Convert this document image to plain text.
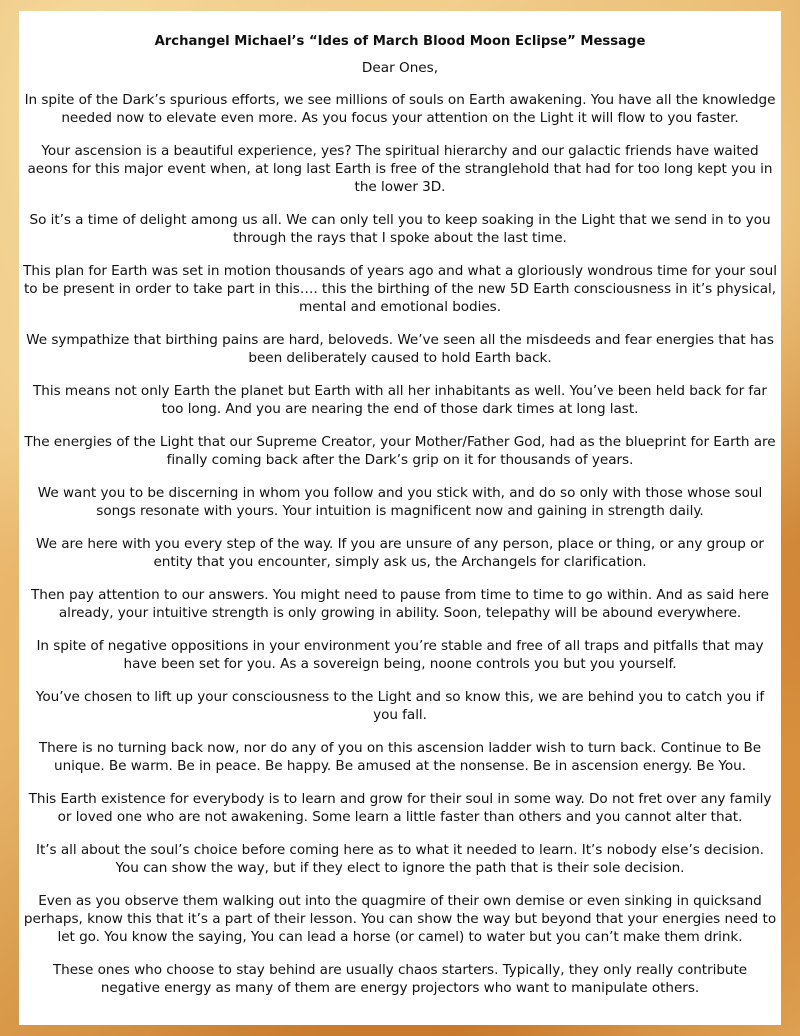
Archangel Michael’s “Ides of March Blood Moon Eclipse” Message
Dear Ones,

In spite of the Dark’s spurious efforts, we see millions of souls on Earth awakening. You have all the knowledge needed now to elevate even more. As you focus your attention on the Light it will flow to you faster.

Your ascension is a beautiful experience, yes? The spiritual hierarchy and our galactic friends have waited aeons for this major event when, at long last Earth is free of the stranglehold that had for too long kept you in the lower 3D.

So it’s a time of delight among us all. We can only tell you to keep soaking in the Light that we send in to you through the rays that I spoke about the last time.

This plan for Earth was set in motion thousands of years ago and what a gloriously wondrous time for your soul to be present in order to take part in this…. this the birthing of the new 5D Earth consciousness in it’s physical, mental and emotional bodies.

We sympathize that birthing pains are hard, beloveds. We’ve seen all the misdeeds and fear energies that has been deliberately caused to hold Earth back.

This means not only Earth the planet but Earth with all her inhabitants as well. You’ve been held back for far too long. And you are nearing the end of those dark times at long last.

The energies of the Light that our Supreme Creator, your Mother/Father God, had as the blueprint for Earth are finally coming back after the Dark’s grip on it for thousands of years.

We want you to be discerning in whom you follow and you stick with, and do so only with those whose soul songs resonate with yours. Your intuition is magnificent now and gaining in strength daily.

We are here with you every step of the way. If you are unsure of any person, place or thing, or any group or entity that you encounter, simply ask us, the Archangels for clarification.

Then pay attention to our answers. You might need to pause from time to time to go within. And as said here already, your intuitive strength is only growing in ability. Soon, telepathy will be abound everywhere.

In spite of negative oppositions in your environment you’re stable and free of all traps and pitfalls that may have been set for you. As a sovereign being, noone controls you but you yourself.

You’ve chosen to lift up your consciousness to the Light and so know this, we are behind you to catch you if you fall.

There is no turning back now, nor do any of you on this ascension ladder wish to turn back. Continue to Be unique. Be warm. Be in peace. Be happy. Be amused at the nonsense. Be in ascension energy. Be You.

This Earth existence for everybody is to learn and grow for their soul in some way. Do not fret over any family or loved one who are not awakening. Some learn a little faster than others and you cannot alter that.

It’s all about the soul’s choice before coming here as to what it needed to learn. It’s nobody else’s decision. You can show the way, but if they elect to ignore the path that is their sole decision.

Even as you observe them walking out into the quagmire of their own demise or even sinking in quicksand perhaps, know this that it’s a part of their lesson. You can show the way but beyond that your energies need to let go. You know the saying, You can lead a horse (or camel) to water but you can’t make them drink.

These ones who choose to stay behind are usually chaos starters. Typically, they only really contribute negative energy as many of them are energy projectors who want to manipulate others.
